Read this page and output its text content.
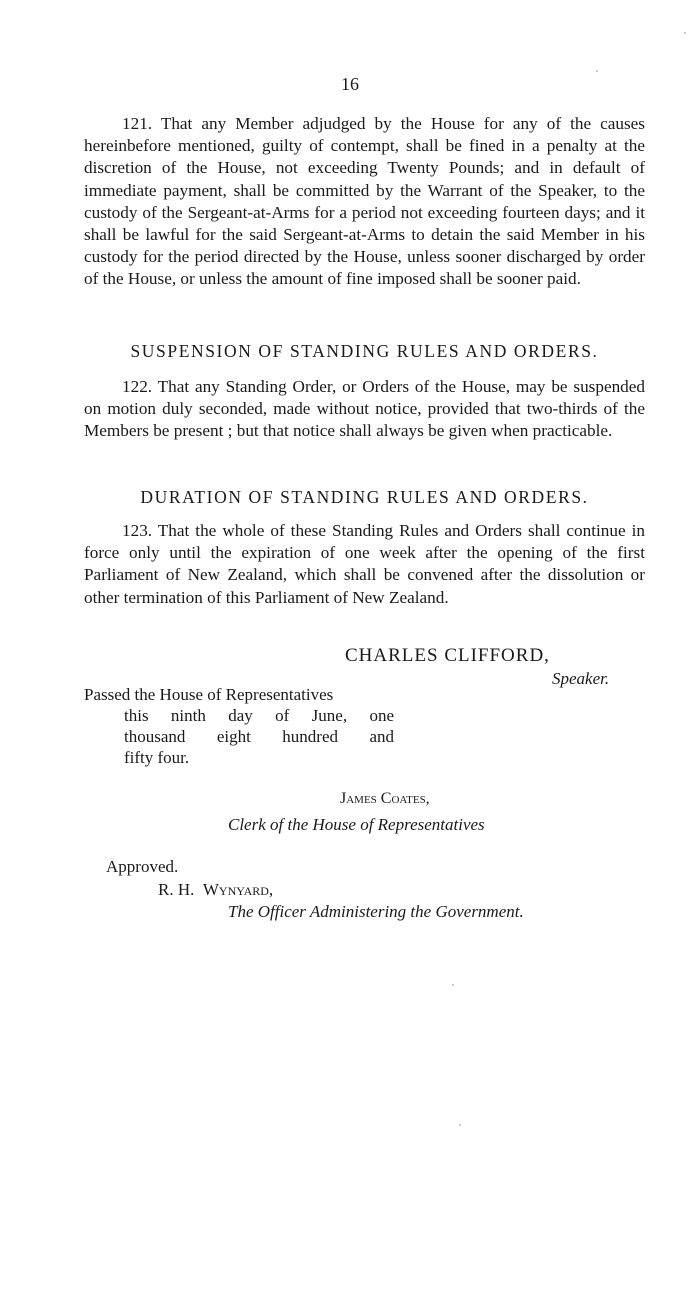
16
121. That any Member adjudged by the House for any of the causes hereinbefore mentioned, guilty of contempt, shall be fined in a penalty at the discretion of the House, not exceeding Twenty Pounds; and in default of immediate payment, shall be committed by the Warrant of the Speaker, to the custody of the Sergeant-at-Arms for a period not exceeding fourteen days; and it shall be lawful for the said Sergeant-at-Arms to detain the said Member in his custody for the period directed by the House, unless sooner discharged by order of the House, or unless the amount of fine imposed shall be sooner paid.
SUSPENSION OF STANDING RULES AND ORDERS.
122. That any Standing Order, or Orders of the House, may be suspended on motion duly seconded, made without notice, provided that two-thirds of the Members be present ; but that notice shall always be given when practicable.
DURATION OF STANDING RULES AND ORDERS.
123. That the whole of these Standing Rules and Orders shall continue in force only until the expiration of one week after the opening of the first Parliament of New Zealand, which shall be convened after the dissolution or other termination of this Parliament of New Zealand.
CHARLES CLIFFORD,
Speaker.
Passed the House of Representatives
this ninth day of June, one
thousand eight hundred and
fifty four.
James Coates,
Clerk of the House of Representatives
Approved.
R. H. Wynyard,
The Officer Administering the Government.
